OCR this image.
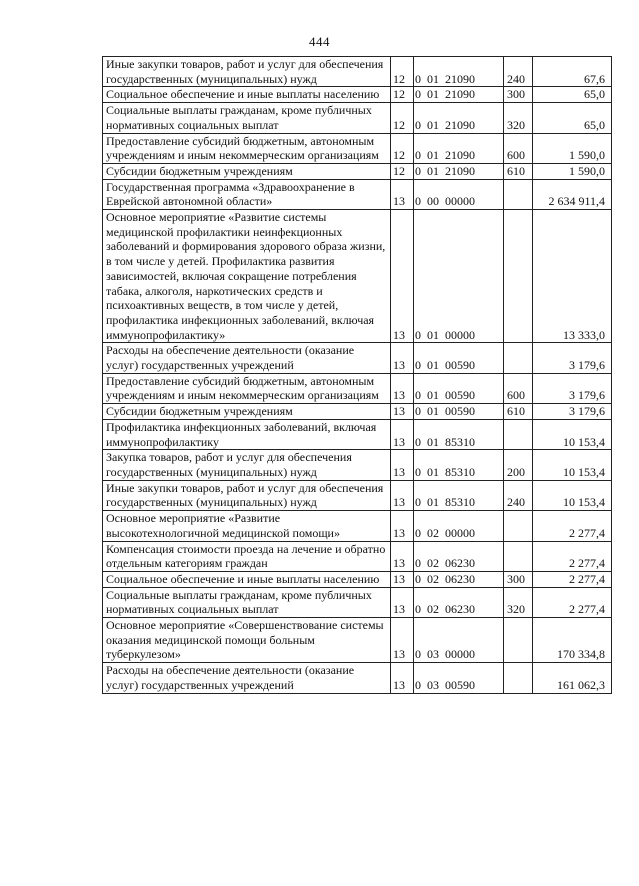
444
Иные закупки товаров, работ и услуг для обеспечения государственных (муниципальных) нужд	12	0  01  21090	240	67,6
Социальное обеспечение и иные выплаты населению	12	0  01  21090	300	65,0
Социальные выплаты гражданам, кроме публичных нормативных социальных выплат	12	0  01  21090	320	65,0
Предоставление субсидий бюджетным, автономным учреждениям и иным некоммерческим организациям	12	0  01  21090	600	1 590,0
Субсидии бюджетным учреждениям	12	0  01  21090	610	1 590,0
Государственная программа «Здравоохранение в Еврейской автономной области»	13	0  00  00000		2 634 911,4
Основное мероприятие «Развитие системы медицинской профилактики неинфекционных заболеваний и формирования здорового образа жизни, в том числе у детей. Профилактика развития зависимостей, включая сокращение потребления табака, алкоголя, наркотических средств и психоактивных веществ, в том числе у детей, профилактика инфекционных заболеваний, включая иммунопрофилактику»	13	0  01  00000		13 333,0
Расходы на обеспечение деятельности (оказание услуг) государственных учреждений	13	0  01  00590		3 179,6
Предоставление субсидий бюджетным, автономным учреждениям и иным некоммерческим организациям	13	0  01  00590	600	3 179,6
Субсидии бюджетным учреждениям	13	0  01  00590	610	3 179,6
Профилактика инфекционных заболеваний, включая иммунопрофилактику	13	0  01  85310		10 153,4
Закупка товаров, работ и услуг для обеспечения государственных (муниципальных) нужд	13	0  01  85310	200	10 153,4
Иные закупки товаров, работ и услуг для обеспечения государственных (муниципальных) нужд	13	0  01  85310	240	10 153,4
Основное мероприятие «Развитие высокотехнологичной медицинской помощи»	13	0  02  00000		2 277,4
Компенсация стоимости проезда на лечение и обратно отдельным категориям граждан	13	0  02  06230		2 277,4
Социальное обеспечение и иные выплаты населению	13	0  02  06230	300	2 277,4
Социальные выплаты гражданам, кроме публичных нормативных социальных выплат	13	0  02  06230	320	2 277,4
Основное мероприятие «Совершенствование системы оказания медицинской помощи больным туберкулезом»	13	0  03  00000		170 334,8
Расходы на обеспечение деятельности (оказание услуг) государственных учреждений	13	0  03  00590		161 062,3
